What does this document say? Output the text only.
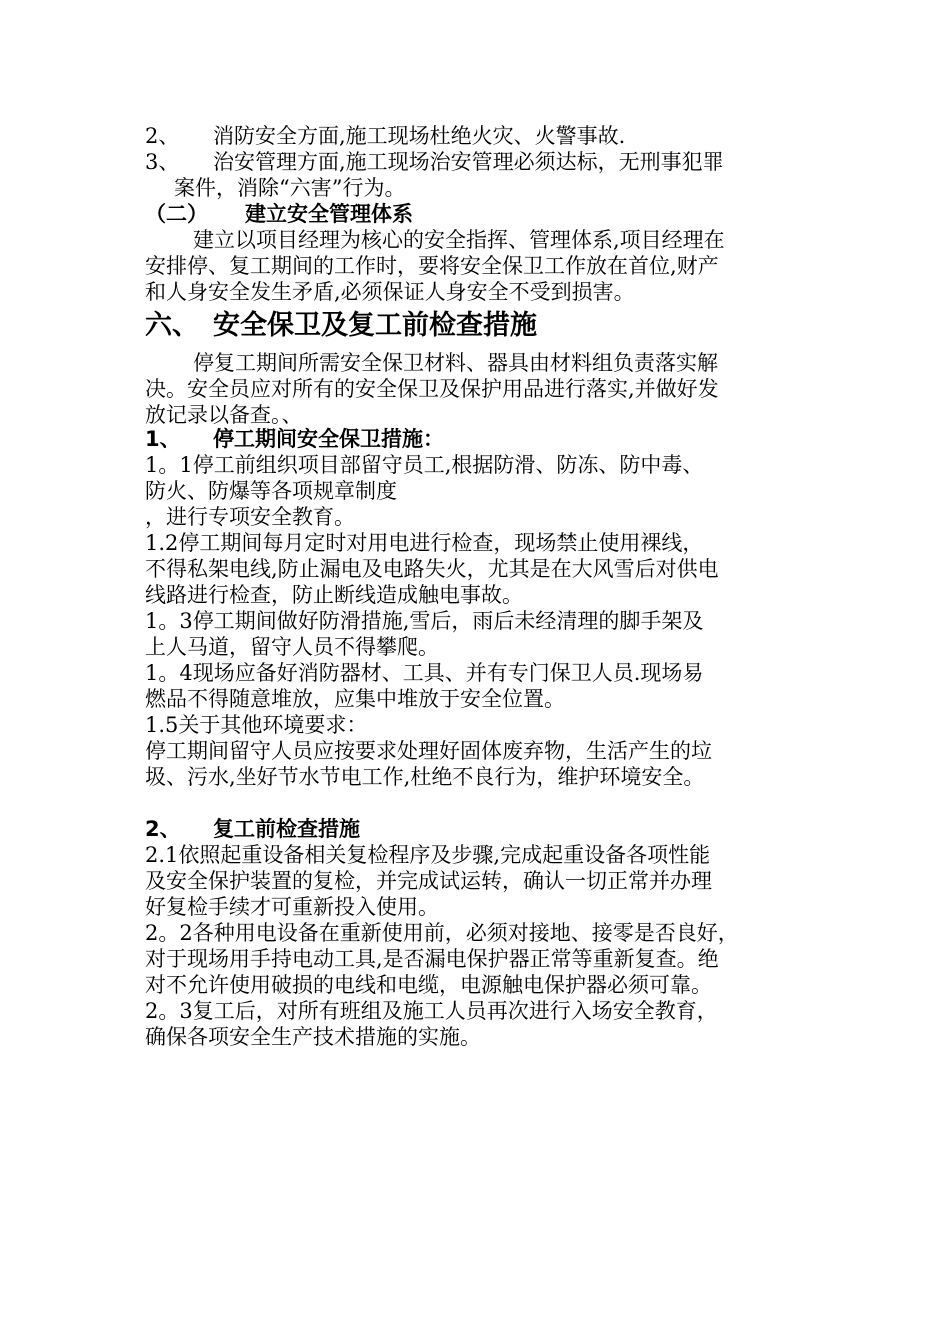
2、 消防安全方面,施工现场杜绝火灾、火警事故.
3、 治安管理方面,施工现场治安管理必须达标，无刑事犯罪
案件，消除“六害”行为。
（二） 建立安全管理体系
建立以项目经理为核心的安全指挥、管理体系,项目经理在
安排停、复工期间的工作时，要将安全保卫工作放在首位,财产
和人身安全发生矛盾,必须保证人身安全不受到损害。
六、 安全保卫及复工前检查措施
停复工期间所需安全保卫材料、器具由材料组负责落实解
决。安全员应对所有的安全保卫及保护用品进行落实,并做好发
放记录以备查。、
1、 停工期间安全保卫措施：
1。1停工前组织项目部留守员工,根据防滑、防冻、防中毒、
防火、防爆等各项规章制度
，进行专项安全教育。
1.2停工期间每月定时对用电进行检查，现场禁止使用裸线，
不得私架电线,防止漏电及电路失火，尤其是在大风雪后对供电
线路进行检查，防止断线造成触电事故。
1。3停工期间做好防滑措施,雪后，雨后未经清理的脚手架及
上人马道，留守人员不得攀爬。
1。4现场应备好消防器材、工具、并有专门保卫人员.现场易
燃品不得随意堆放，应集中堆放于安全位置。
1.5关于其他环境要求：
停工期间留守人员应按要求处理好固体废弃物，生活产生的垃
圾、污水,坐好节水节电工作,杜绝不良行为，维护环境安全。
2、 复工前检查措施
2.1依照起重设备相关复检程序及步骤,完成起重设备各项性能
及安全保护装置的复检，并完成试运转，确认一切正常并办理
好复检手续才可重新投入使用。
2。2各种用电设备在重新使用前，必须对接地、接零是否良好，
对于现场用手持电动工具,是否漏电保护器正常等重新复查。绝
对不允许使用破损的电线和电缆，电源触电保护器必须可靠。
2。3复工后，对所有班组及施工人员再次进行入场安全教育，
确保各项安全生产技术措施的实施。
